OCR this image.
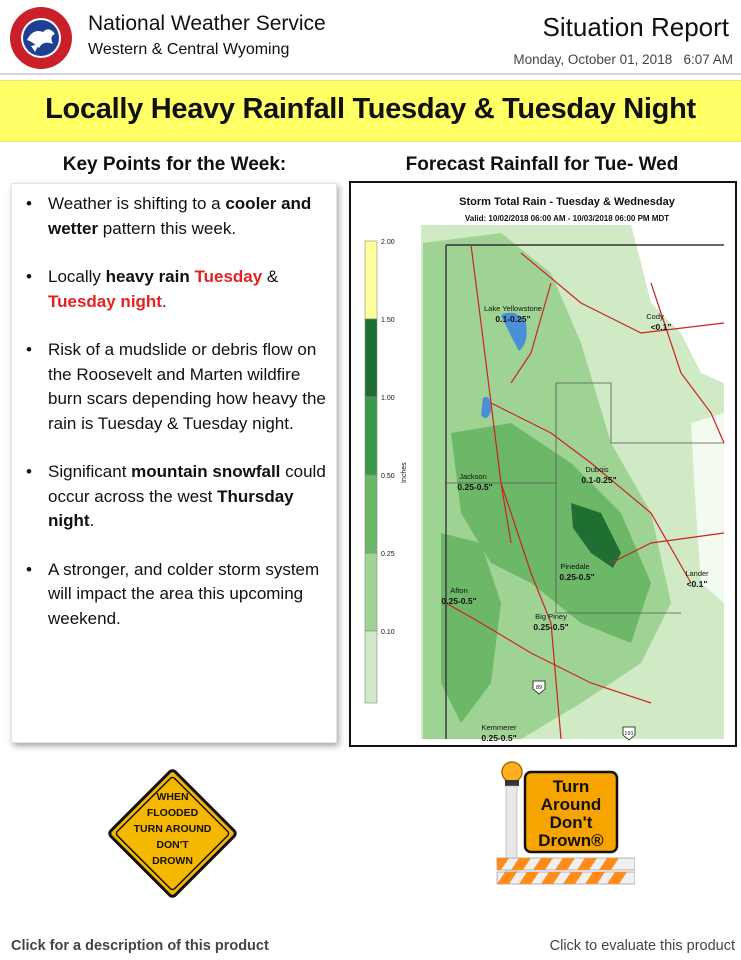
National Weather Service
Western & Central Wyoming
Situation Report
Monday, October 01, 2018   6:07 AM
Locally Heavy Rainfall Tuesday & Tuesday Night
Key Points for the Week:
• Weather is shifting to a cooler and wetter pattern this week.
• Locally heavy rain Tuesday & Tuesday night.
• Risk of a mudslide or debris flow on the Roosevelt and Marten wildfire burn scars depending how heavy the rain is Tuesday & Tuesday night.
• Significant mountain snowfall could occur across the west Thursday night.
• A stronger, and colder storm system will impact the area this upcoming weekend.
Forecast Rainfall for Tue- Wed
Storm Total Rain - Tuesday & Wednesday
Valid: 10/02/2018 06:00 AM - 10/03/2018 06:00 PM MDT
2.00
1.50
1.00
0.50
0.25
0.10
Inches
Lake Yellowstone
0.1-0.25"	Cody
<0.1"
Jackson
0.25-0.5"
Dubois
0.1-0.25"
Pinedale
0.25-0.5"	Lander
<0.1"
Afton
0.25-0.5"
Big Piney
0.25-0.5"
Kemmerer
0.25-0.5"
89
191
WHEN
FLOODED
TURN AROUND
DON'T
DROWN
Turn
Around
Don't
Drown®
Click for a description of this product	Click to evaluate this product
